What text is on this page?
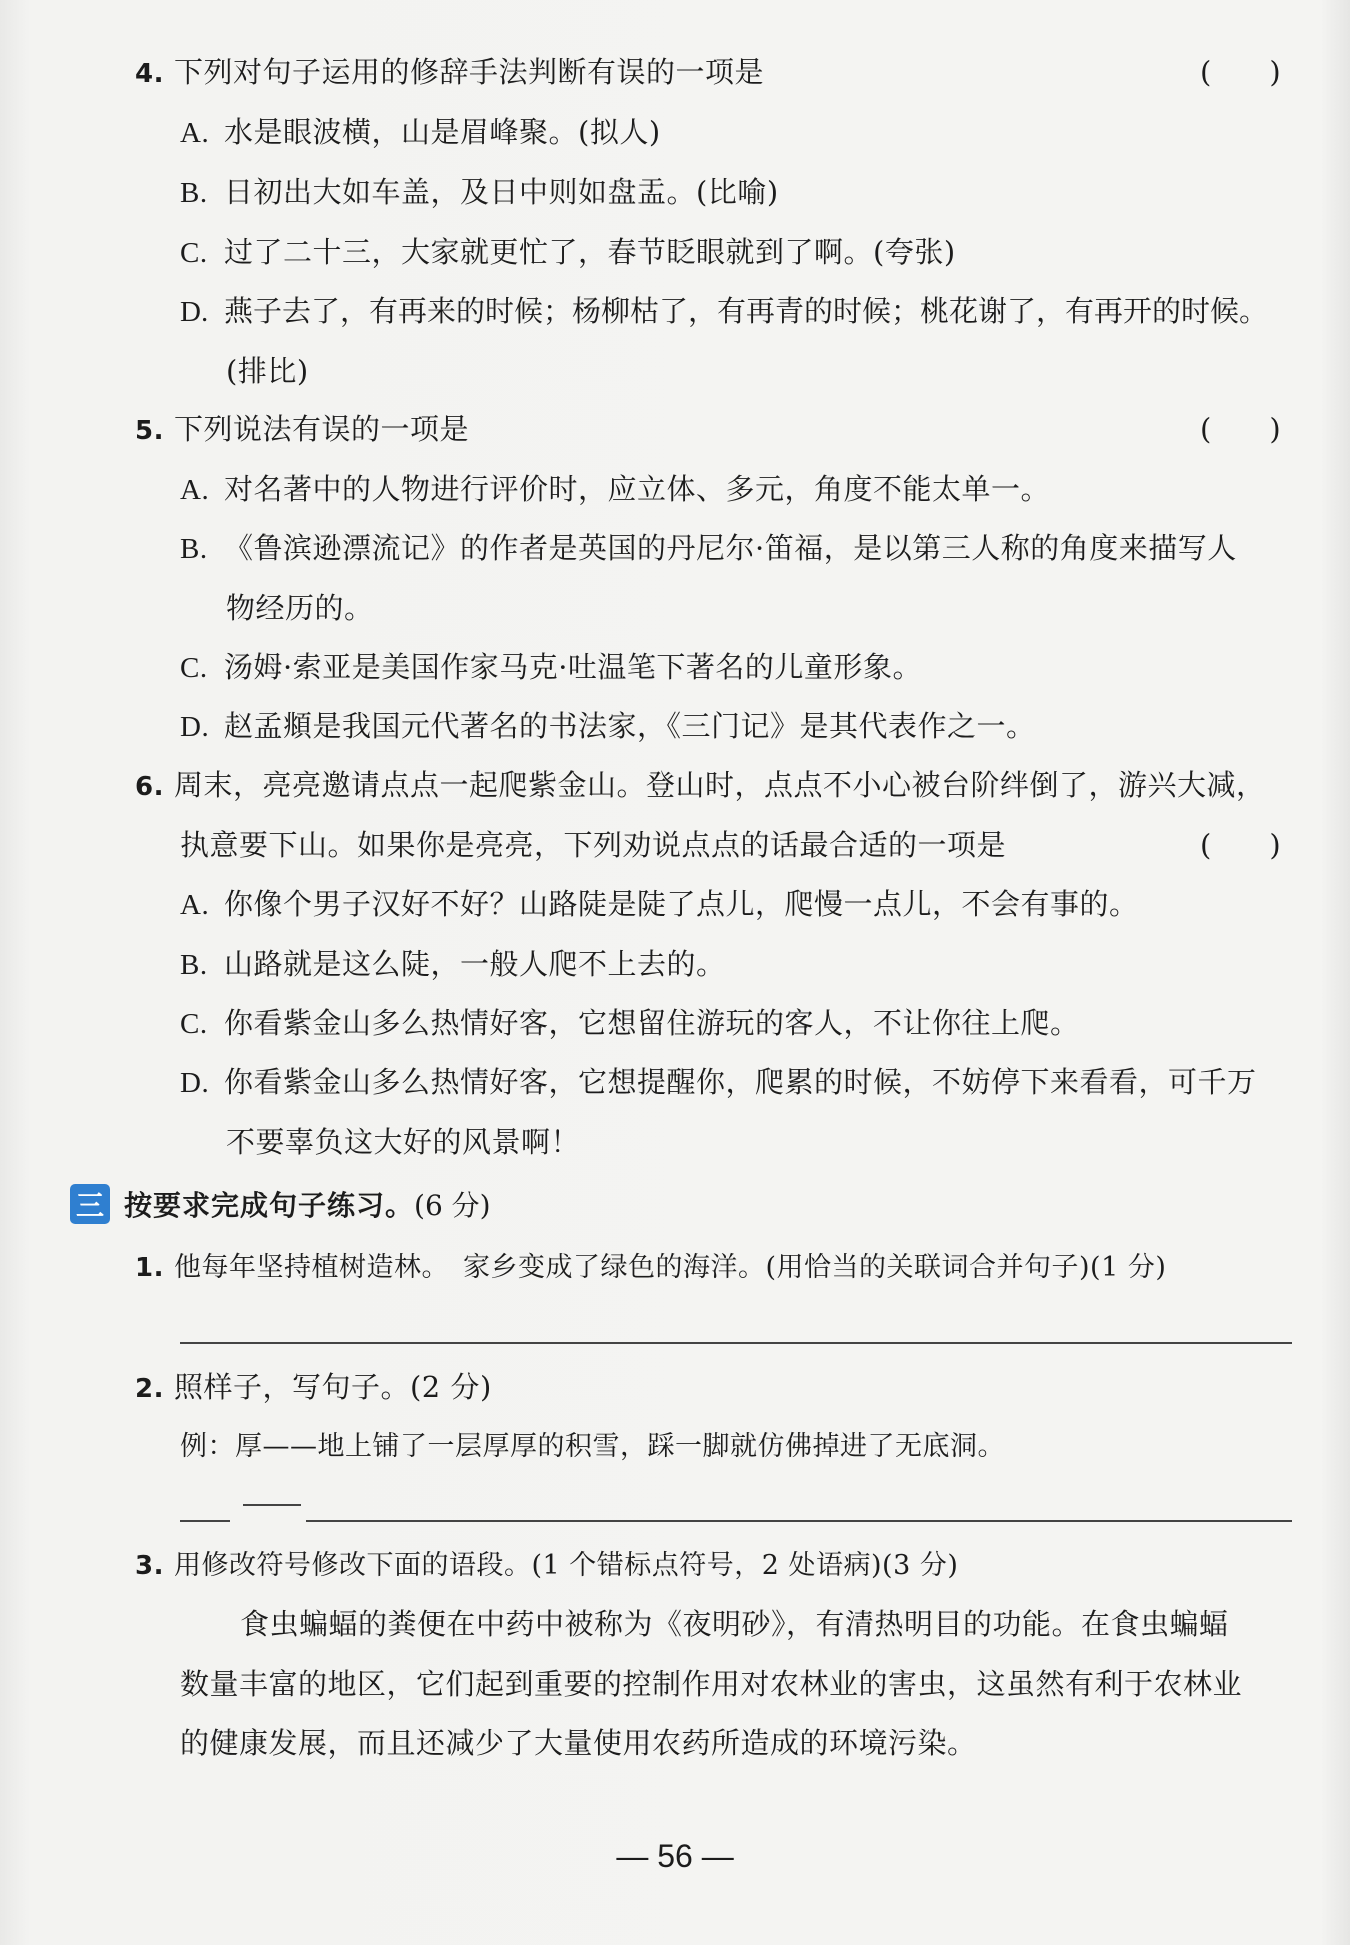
4. 下列对句子运用的修辞手法判断有误的一项是	(　　)
A. 水是眼波横，山是眉峰聚。(拟人)
B. 日初出大如车盖，及日中则如盘盂。(比喻)
C. 过了二十三，大家就更忙了，春节眨眼就到了啊。(夸张)
D. 燕子去了，有再来的时候；杨柳枯了，有再青的时候；桃花谢了，有再开的时候。
(排比)
5. 下列说法有误的一项是	(　　)
A. 对名著中的人物进行评价时，应立体、多元，角度不能太单一。
B. 《鲁滨逊漂流记》的作者是英国的丹尼尔·笛福，是以第三人称的角度来描写人
物经历的。
C. 汤姆·索亚是美国作家马克·吐温笔下著名的儿童形象。
D. 赵孟頫是我国元代著名的书法家，《三门记》是其代表作之一。
6. 周末，亮亮邀请点点一起爬紫金山。登山时，点点不小心被台阶绊倒了，游兴大减，
执意要下山。如果你是亮亮，下列劝说点点的话最合适的一项是	(　　)
A. 你像个男子汉好不好？山路陡是陡了点儿，爬慢一点儿，不会有事的。
B. 山路就是这么陡，一般人爬不上去的。
C. 你看紫金山多么热情好客，它想留住游玩的客人，不让你往上爬。
D. 你看紫金山多么热情好客，它想提醒你，爬累的时候，不妨停下来看看，可千万
不要辜负这大好的风景啊！
三 按要求完成句子练习。 (6 分)
1. 他每年坚持植树造林。　家乡变成了绿色的海洋。(用恰当的关联词合并句子)(1 分)
2. 照样子，写句子。(2 分)
例：厚——地上铺了一层厚厚的积雪，踩一脚就仿佛掉进了无底洞。
3. 用修改符号修改下面的语段。(1 个错标点符号，2 处语病)(3 分)
食虫蝙蝠的粪便在中药中被称为《夜明砂》，有清热明目的功能。在食虫蝙蝠
数量丰富的地区，它们起到重要的控制作用对农林业的害虫，这虽然有利于农林业
的健康发展，而且还减少了大量使用农药所造成的环境污染。
— 56 —
